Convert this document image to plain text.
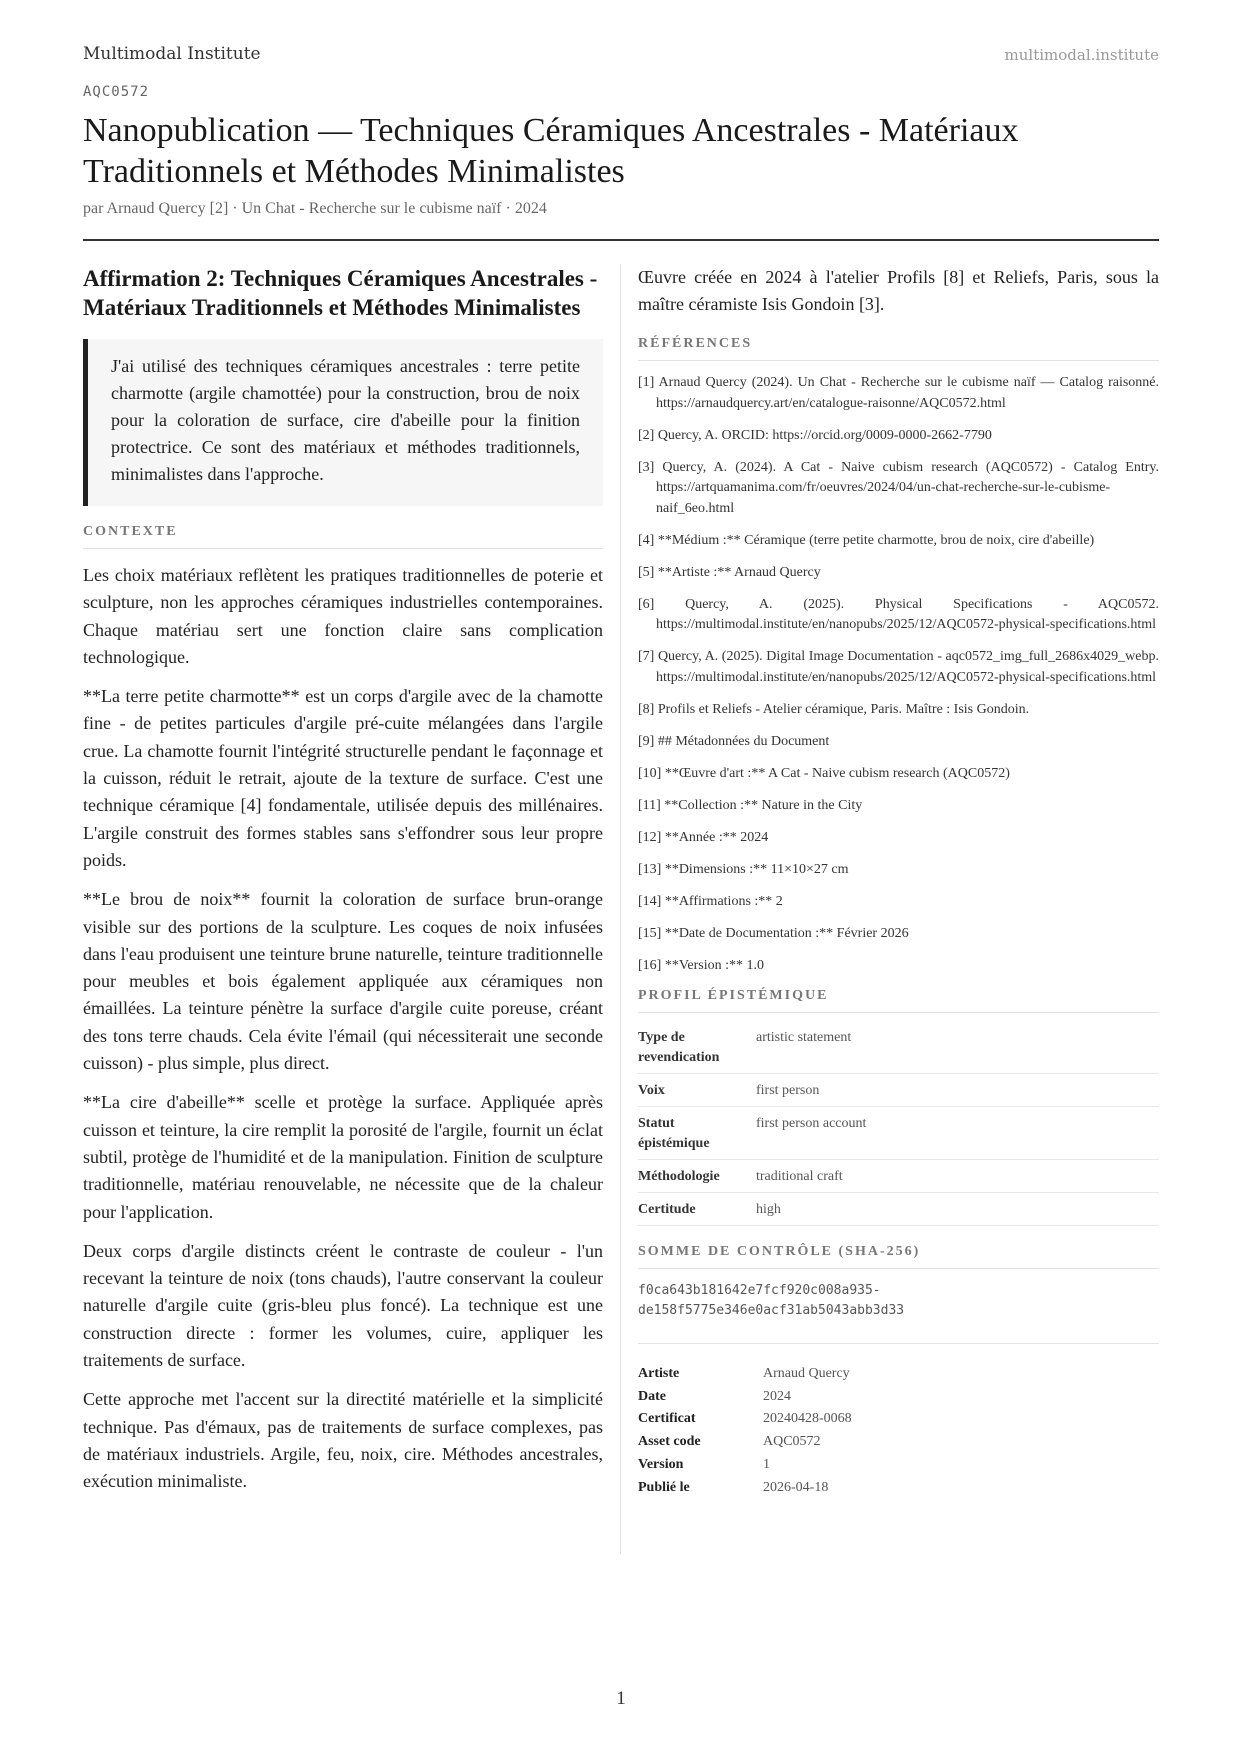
Multimodal Institute	multimodal.institute
AQC0572
Nanopublication — Techniques Céramiques Ancestrales - Matériaux Traditionnels et Méthodes Minimalistes
par Arnaud Quercy [2] · Un Chat - Recherche sur le cubisme naïf · 2024
Affirmation 2: Techniques Céramiques Ancestrales - Matériaux Traditionnels et Méthodes Minimalistes
J'ai utilisé des techniques céramiques ancestrales : terre petite charmotte (argile chamottée) pour la construction, brou de noix pour la coloration de surface, cire d'abeille pour la finition protectrice. Ce sont des matériaux et méthodes traditionnels, minimalistes dans l'approche.
CONTEXTE

Les choix matériaux reflètent les pratiques traditionnelles de poterie et sculpture, non les approches céramiques industrielles contemporaines. Chaque matériau sert une fonction claire sans complication technologique.

**La terre petite charmotte** est un corps d'argile avec de la chamotte fine - de petites particules d'argile pré-cuite mélangées dans l'argile crue. La chamotte fournit l'intégrité structurelle pendant le façonnage et la cuisson, réduit le retrait, ajoute de la texture de surface. C'est une technique céramique [4] fondamentale, utilisée depuis des millénaires. L'argile construit des formes stables sans s'effondrer sous leur propre poids.

**Le brou de noix** fournit la coloration de surface brun-orange visible sur des portions de la sculpture. Les coques de noix infusées dans l'eau produisent une teinture brune naturelle, teinture traditionnelle pour meubles et bois également appliquée aux céramiques non émaillées. La teinture pénètre la surface d'argile cuite poreuse, créant des tons terre chauds. Cela évite l'émail (qui nécessiterait une seconde cuisson) - plus simple, plus direct.

**La cire d'abeille** scelle et protège la surface. Appliquée après cuisson et teinture, la cire remplit la porosité de l'argile, fournit un éclat subtil, protège de l'humidité et de la manipulation. Finition de sculpture traditionnelle, matériau renouvelable, ne nécessite que de la chaleur pour l'application.

Deux corps d'argile distincts créent le contraste de couleur - l'un recevant la teinture de noix (tons chauds), l'autre conservant la couleur naturelle d'argile cuite (gris-bleu plus foncé). La technique est une construction directe : former les volumes, cuire, appliquer les traitements de surface.

Cette approche met l'accent sur la directité matérielle et la simplicité technique. Pas d'émaux, pas de traitements de surface complexes, pas de matériaux industriels. Argile, feu, noix, cire. Méthodes ancestrales, exécution minimaliste.

Œuvre créée en 2024 à l'atelier Profils [8] et Reliefs, Paris, sous la maître céramiste Isis Gondoin [3].

RÉFÉRENCES
[1] Arnaud Quercy (2024). Un Chat - Recherche sur le cubisme naïf — Catalog raisonné. https://arnaudquercy.art/en/catalogue-raisonne/AQC0572.html
[2] Quercy, A. ORCID: https://orcid.org/0009-0000-2662-7790
[3] Quercy, A. (2024). A Cat - Naive cubism research (AQC0572) - Catalog Entry. https://artquamanima.com/fr/oeuvres/2024/04/un-chat-recherche-sur-le-cubisme-naif_6eo.html
[4] **Médium :** Céramique (terre petite charmotte, brou de noix, cire d'abeille)
[5] **Artiste :** Arnaud Quercy
[6] Quercy, A. (2025). Physical Specifications - AQC0572. https://multimodal.institute/en/nanopubs/2025/12/AQC0572-physical-specifications.html
[7] Quercy, A. (2025). Digital Image Documentation - aqc0572_img_full_2686x4029_webp. https://multimodal.institute/en/nanopubs/2025/12/AQC0572-physical-specifications.html
[8] Profils et Reliefs - Atelier céramique, Paris. Maître : Isis Gondoin.
[9] ## Métadonnées du Document
[10] **Œuvre d'art :** A Cat - Naive cubism research (AQC0572)
[11] **Collection :** Nature in the City
[12] **Année :** 2024
[13] **Dimensions :** 11×10×27 cm
[14] **Affirmations :** 2
[15] **Date de Documentation :** Février 2026
[16] **Version :** 1.0
PROFIL ÉPISTÉMIQUE
Type de revendication	artistic statement
Voix	first person
Statut épistémique	first person account
Méthodologie	traditional craft
Certitude	high
SOMME DE CONTRÔLE (SHA-256)
f0ca643b181642e7fcf920c008a935-
de158f5775e346e0acf31ab5043abb3d33
Artiste	Arnaud Quercy
Date	2024
Certificat	20240428-0068
Asset code	AQC0572
Version	1
Publié le	2026-04-18
1
